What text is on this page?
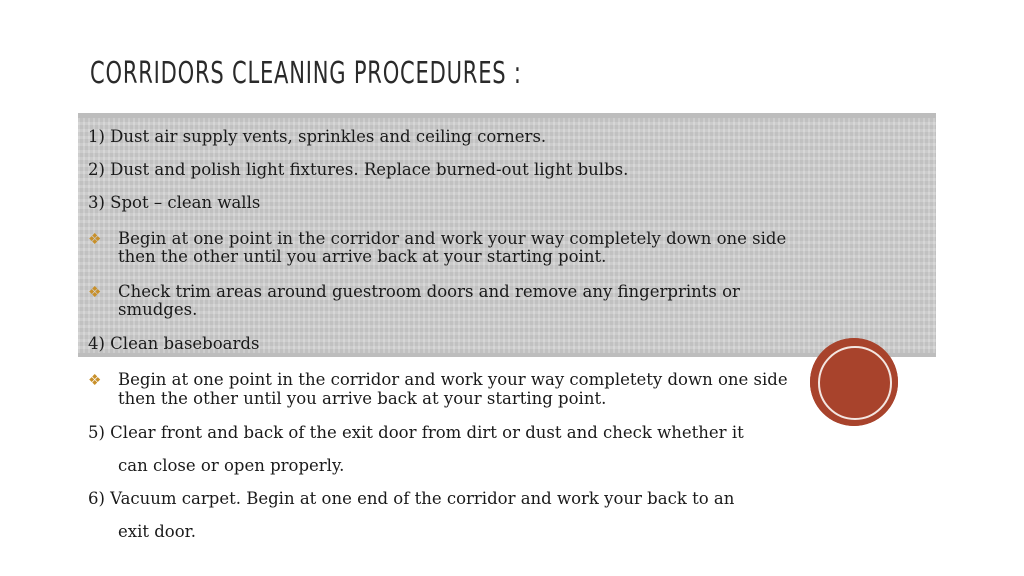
CORRIDORS CLEANING PROCEDURES :
1) Dust air supply vents, sprinkles and ceiling corners.
2) Dust and polish light fixtures. Replace burned-out light bulbs.
3) Spot – clean walls
❖ Begin at one point in the corridor and work your way completely down one side
then the other until you arrive back at your starting point.
❖ Check trim areas around guestroom doors and remove any fingerprints or
smudges.
4) Clean baseboards
❖ Begin at one point in the corridor and work your way completety down one side
then the other until you arrive back at your starting point.
5) Clear front and back of the exit door from dirt or dust and check whether it
can close or open properly.
6) Vacuum carpet. Begin at one end of the corridor and work your back to an
exit door.
